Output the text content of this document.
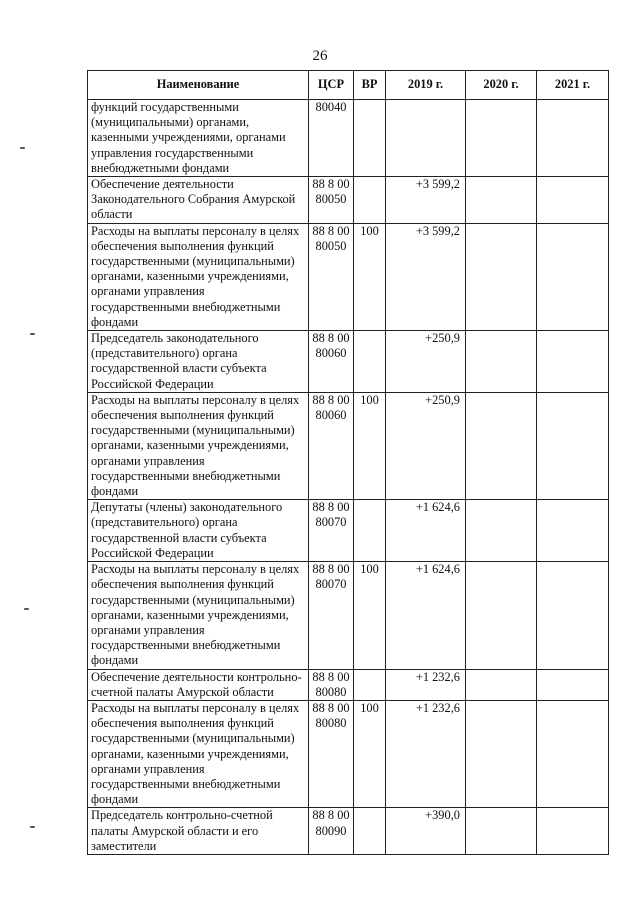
26
Наименование	ЦСР	ВР	2019 г.	2020 г.	2021 г.
функций государственными (муниципальными) органами, казенными учреждениями, органами управления государственными внебюджетными фондами	80040				
Обеспечение деятельности Законодательного Собрания Амурской области	88 8 00 80050		+3 599,2		
Расходы на выплаты персоналу в целях обеспечения выполнения функций государственными (муниципальными) органами, казенными учреждениями, органами управления государственными внебюджетными фондами	88 8 00 80050	100	+3 599,2		
Председатель законодательного (представительного) органа государственной власти субъекта Российской Федерации	88 8 00 80060		+250,9		
Расходы на выплаты персоналу в целях обеспечения выполнения функций государственными (муниципальными) органами, казенными учреждениями, органами управления государственными внебюджетными фондами	88 8 00 80060	100	+250,9		
Депутаты (члены) законодательного (представительного) органа государственной власти субъекта Российской Федерации	88 8 00 80070		+1 624,6		
Расходы на выплаты персоналу в целях обеспечения выполнения функций государственными (муниципальными) органами, казенными учреждениями, органами управления государственными внебюджетными фондами	88 8 00 80070	100	+1 624,6		
Обеспечение деятельности контрольно-счетной палаты Амурской области	88 8 00 80080		+1 232,6		
Расходы на выплаты персоналу в целях обеспечения выполнения функций государственными (муниципальными) органами, казенными учреждениями, органами управления государственными внебюджетными фондами	88 8 00 80080	100	+1 232,6		
Председатель контрольно-счетной палаты Амурской области и его заместители	88 8 00 80090		+390,0		
